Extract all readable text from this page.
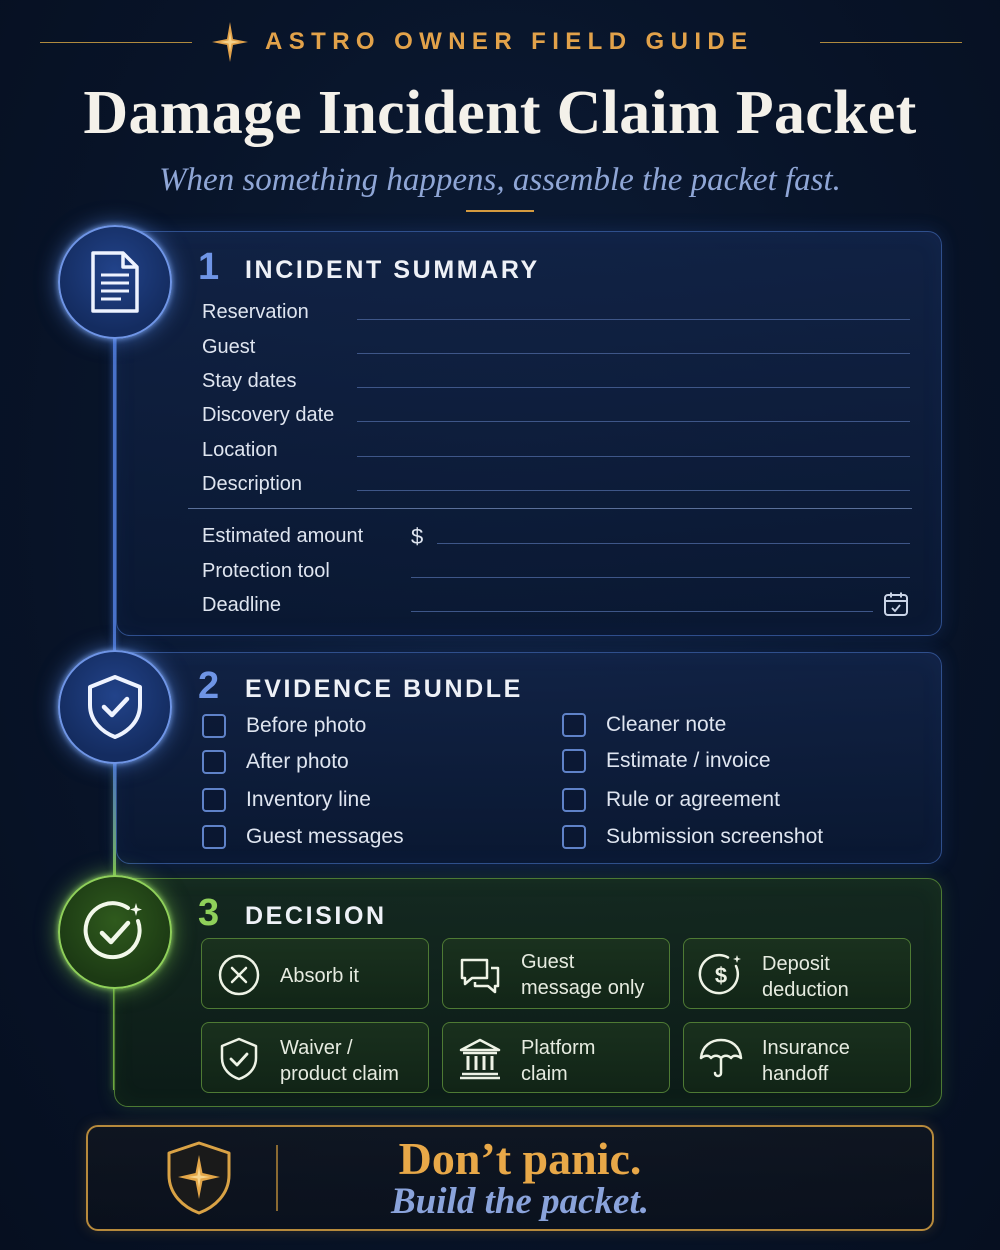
ASTRO OWNER FIELD GUIDE
Damage Incident Claim Packet
When something happens, assemble the packet fast.
1 INCIDENT SUMMARY
Reservation
Guest
Stay dates
Discovery date
Location
Description
Estimated amount $
Protection tool
Deadline
2 EVIDENCE BUNDLE
Before photo
After photo
Inventory line
Guest messages
Cleaner note
Estimate / invoice
Rule or agreement
Submission screenshot
3 DECISION
Absorb it
Guest
message only	$ Deposit
deduction
Waiver /
product claim
Platform
claim
Insurance
handoff
Don’t panic.
Build the packet.
